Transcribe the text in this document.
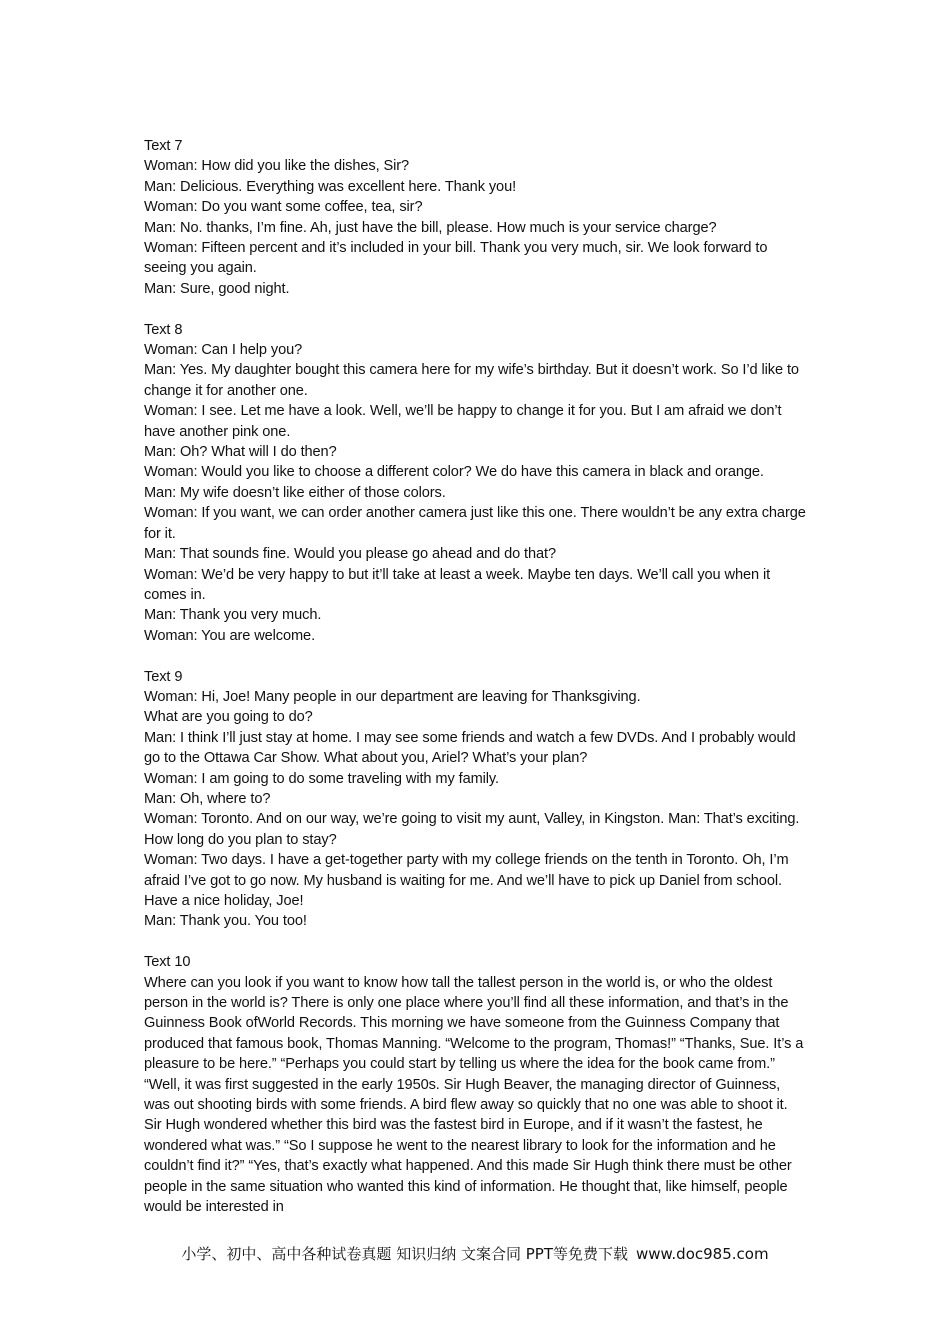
Text 7
Woman: How did you like the dishes, Sir?
Man: Delicious. Everything was excellent here. Thank you!
Woman: Do you want some coffee, tea, sir?
Man: No. thanks, I’m fine. Ah, just have the bill, please. How much is your service charge?
Woman: Fifteen percent and it’s included in your bill. Thank you very much, sir. We look forward to seeing you again.
Man: Sure, good night.
Text 8
Woman: Can I help you?
Man: Yes. My daughter bought this camera here for my wife’s birthday. But it doesn’t work. So I’d like to change it for another one.
Woman: I see. Let me have a look. Well, we’ll be happy to change it for you. But I am afraid we don’t have another pink one.
Man: Oh? What will I do then?
Woman: Would you like to choose a different color? We do have this camera in black and orange.
Man: My wife doesn’t like either of those colors.
Woman: If you want, we can order another camera just like this one. There wouldn’t be any extra charge for it.
Man: That sounds fine. Would you please go ahead and do that?
Woman: We’d be very happy to but it’ll take at least a week. Maybe ten days. We’ll call you when it comes in.
Man: Thank you very much.
Woman: You are welcome.
Text 9
Woman: Hi, Joe! Many people in our department are leaving for Thanksgiving.
What are you going to do?
Man: I think I’ll just stay at home. I may see some friends and watch a few DVDs. And I probably would go to the Ottawa Car Show. What about you, Ariel? What’s your plan?
Woman: I am going to do some traveling with my family.
Man: Oh, where to?
Woman: Toronto. And on our way, we’re going to visit my aunt, Valley, in Kingston. Man: That’s exciting. How long do you plan to stay?
Woman: Two days. I have a get-together party with my college friends on the tenth in Toronto. Oh, I’m afraid I’ve got to go now. My husband is waiting for me. And we’ll have to pick up Daniel from school. Have a nice holiday, Joe!
Man: Thank you. You too!
Text 10
Where can you look if you want to know how tall the tallest person in the world is, or who the oldest person in the world is? There is only one place where you’ll find all these information, and that’s in the Guinness Book ofWorld Records. This morning we have someone from the Guinness Company that produced that famous book, Thomas Manning. “Welcome to the program, Thomas!” “Thanks, Sue. It’s a pleasure to be here.” “Perhaps you could start by telling us where the idea for the book came from.” “Well, it was first suggested in the early 1950s. Sir Hugh Beaver, the managing director of Guinness, was out shooting birds with some friends. A bird flew away so quickly that no one was able to shoot it. Sir Hugh wondered whether this bird was the fastest bird in Europe, and if it wasn’t the fastest, he wondered what was.” “So I suppose he went to the nearest library to look for the information and he couldn’t find it?” “Yes, that’s exactly what happened. And this made Sir Hugh think there must be other people in the same situation who wanted this kind of information. He thought that, like himself, people would be interested in
小学、初中、高中各种试卷真题 知识归纳 文案合同 PPT等免费下载 www.doc985.com
